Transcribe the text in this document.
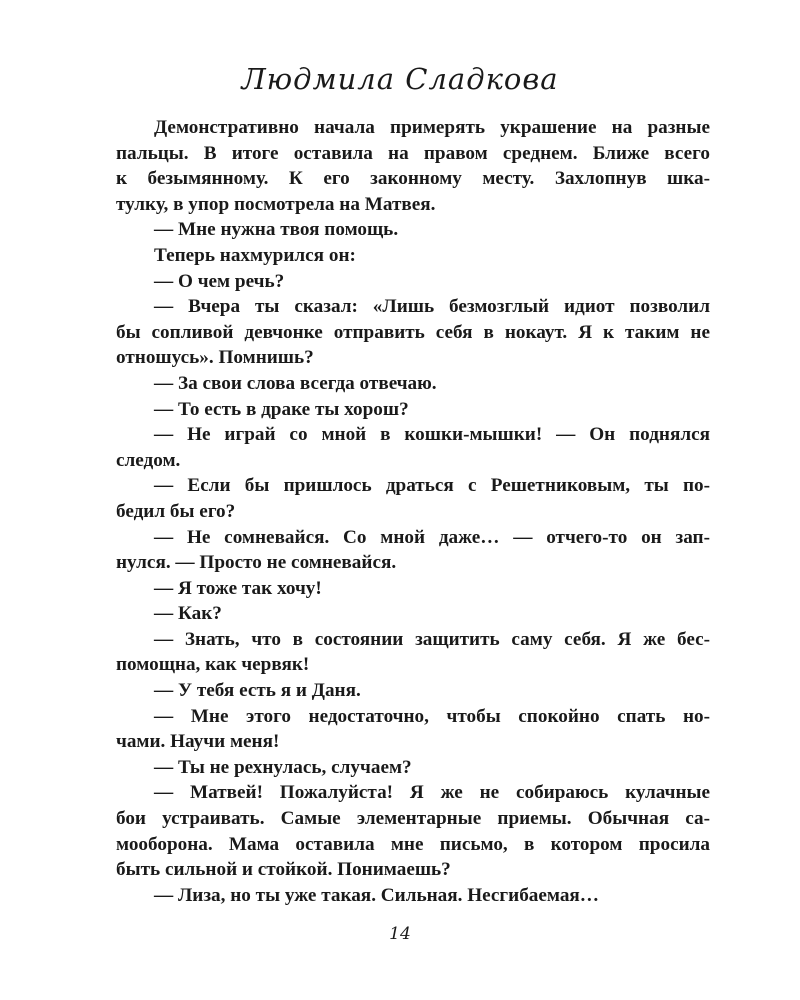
Людмила Сладкова
Демонстративно начала примерять украшение на разные
пальцы. В итоге оставила на правом среднем. Ближе всего
к безымянному. К его законному месту. Захлопнув шка-
тулку, в упор посмотрела на Матвея.
— Мне нужна твоя помощь.
Теперь нахмурился он:
— О чем речь?
— Вчера ты сказал: «Лишь безмозглый идиот позволил
бы сопливой девчонке отправить себя в нокаут. Я к таким не
отношусь». Помнишь?
— За свои слова всегда отвечаю.
— То есть в драке ты хорош?
— Не играй со мной в кошки-мышки! — Он поднялся
следом.
— Если бы пришлось драться с Решетниковым, ты по-
бедил бы его?
— Не сомневайся. Со мной даже… — отчего-то он зап-
нулся. — Просто не сомневайся.
— Я тоже так хочу!
— Как?
— Знать, что в состоянии защитить саму себя. Я же бес-
помощна, как червяк!
— У тебя есть я и Даня.
— Мне этого недостаточно, чтобы спокойно спать но-
чами. Научи меня!
— Ты не рехнулась, случаем?
— Матвей! Пожалуйста! Я же не собираюсь кулачные
бои устраивать. Самые элементарные приемы. Обычная са-
мооборона. Мама оставила мне письмо, в котором просила
быть сильной и стойкой. Понимаешь?
— Лиза, но ты уже такая. Сильная. Несгибаемая…
14
